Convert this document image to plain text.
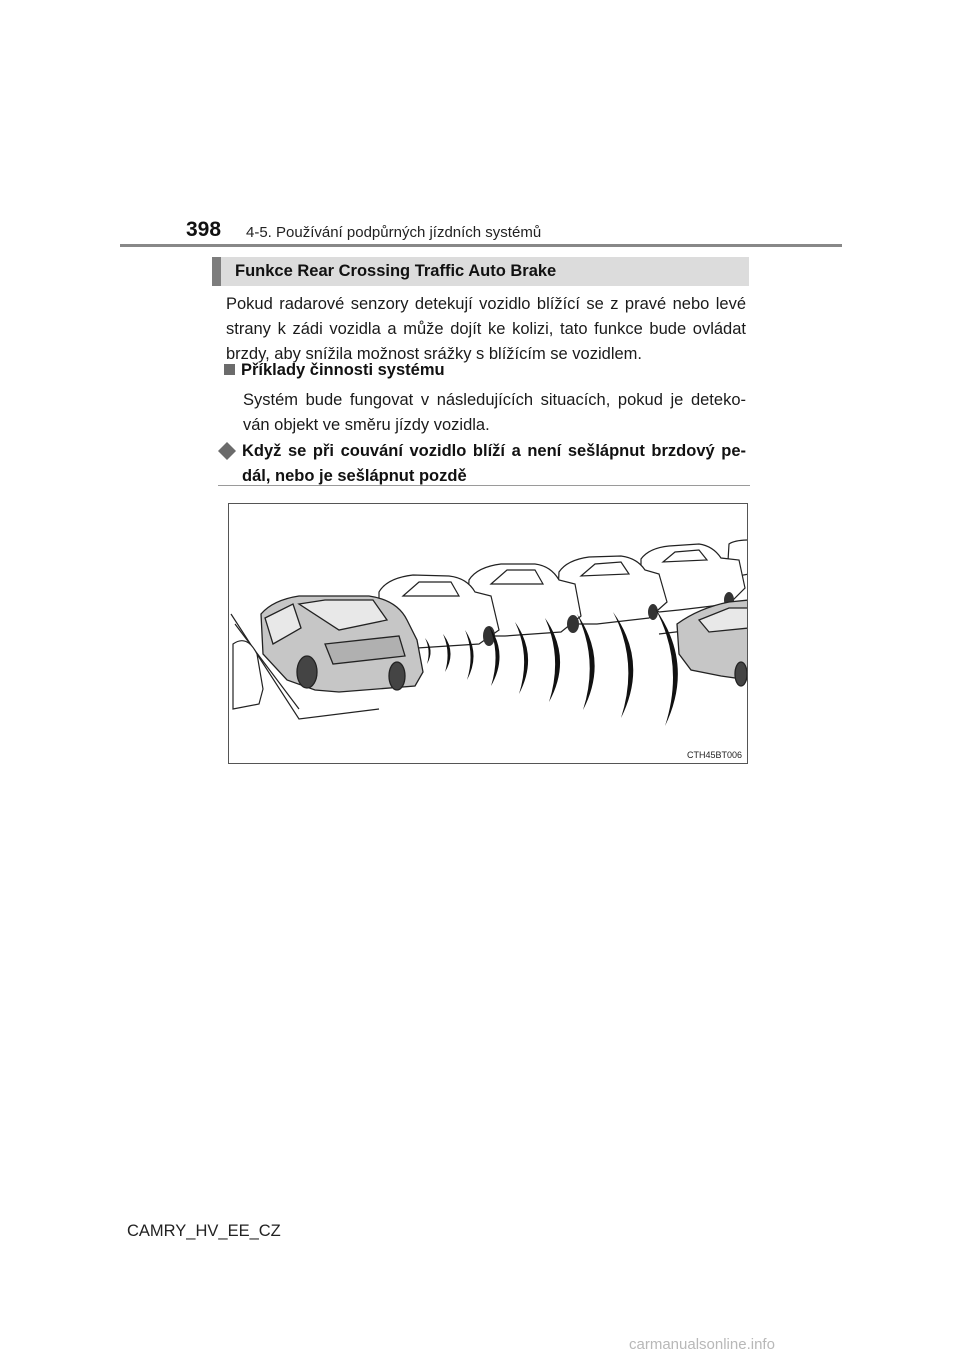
398 4-5. Používání podpůrných jízdních systémů
Funkce Rear Crossing Traffic Auto Brake

Pokud radarové senzory detekují vozidlo blížící se z pravé nebo levé strany k zádi vozidla a může dojít ke kolizi, tato funkce bude ovládat brzdy, aby snížila možnost srážky s blížícím se vozidlem.

Příklady činnosti systému

Systém bude fungovat v následujících situacích, pokud je deteko-ván objekt ve směru jízdy vozidla.

Když se při couvání vozidlo blíží a není sešlápnut brzdový pe-dál, nebo je sešlápnut pozdě
CTH45BT006
CAMRY_HV_EE_CZ
carmanualsonline.info
